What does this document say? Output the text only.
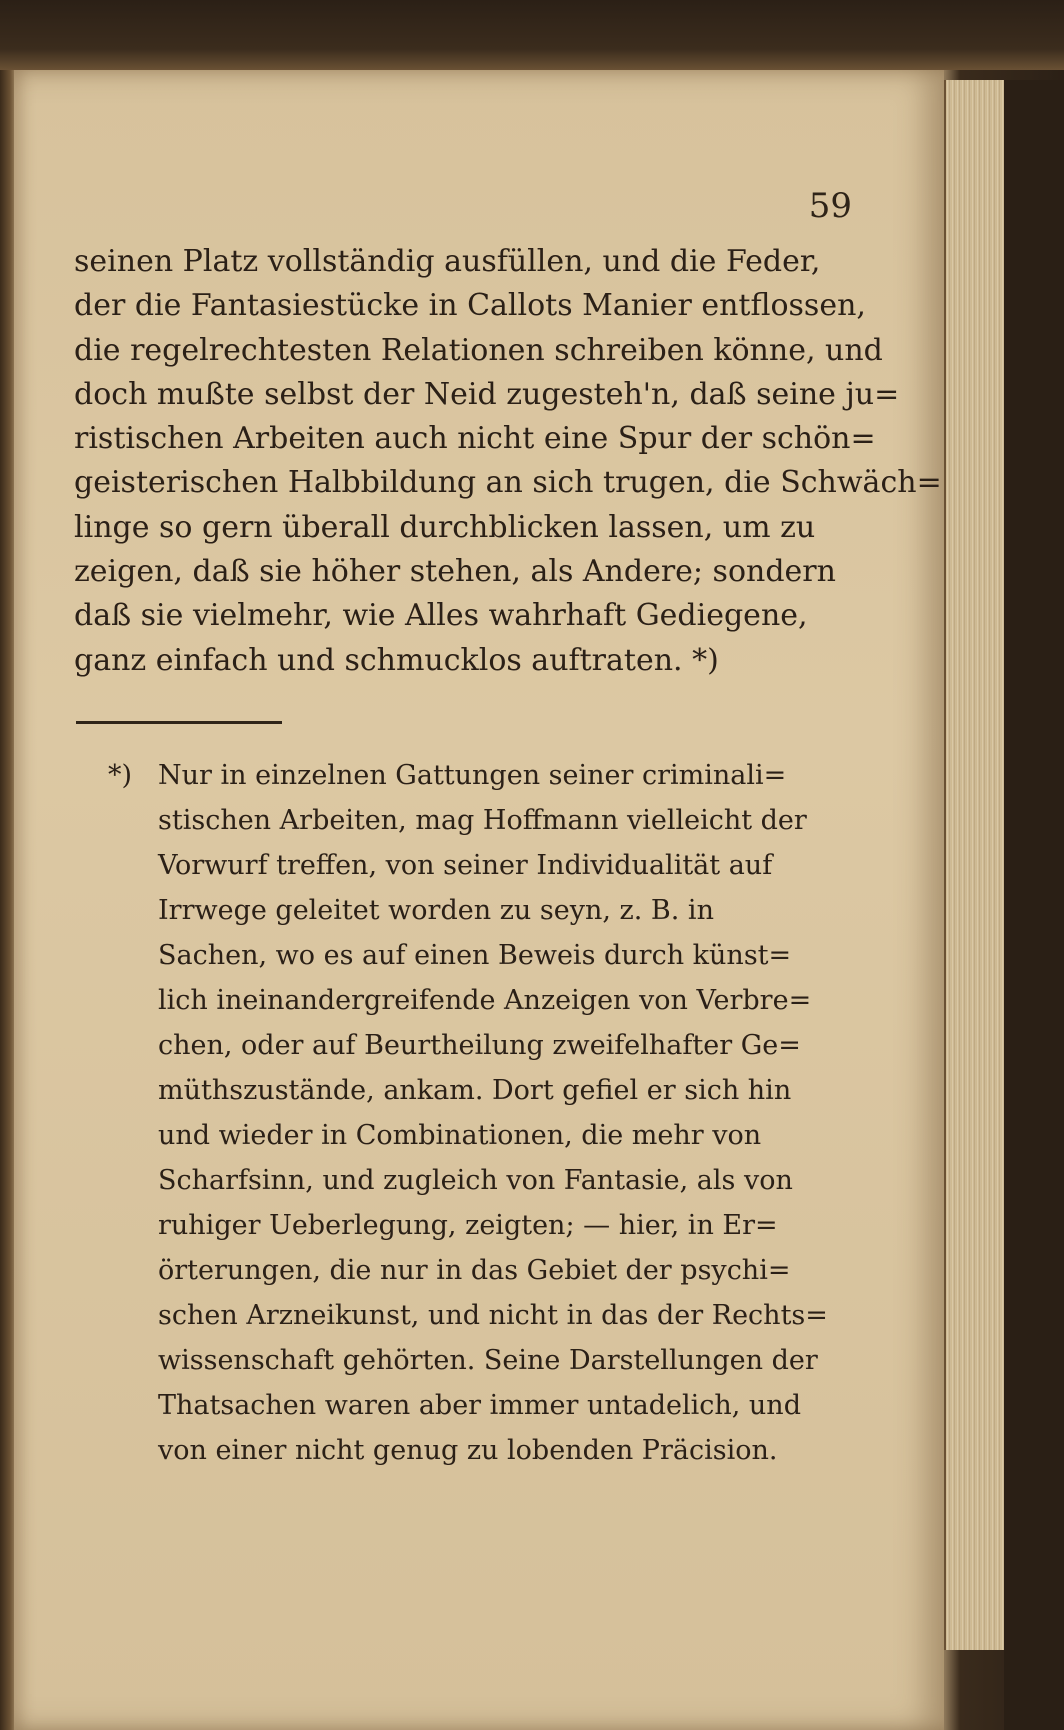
59
seinen Platz vollständig ausfüllen, und die Feder,
der die Fantasiestücke in Callots Manier entflossen,
die regelrechtesten Relationen schreiben könne, und
doch mußte selbst der Neid zugesteh'n, daß seine ju=
ristischen Arbeiten auch nicht eine Spur der schön=
geisterischen Halbbildung an sich trugen, die Schwäch=
linge so gern überall durchblicken lassen, um zu
zeigen, daß sie höher stehen, als Andere; sondern
daß sie vielmehr, wie Alles wahrhaft Gediegene,
ganz einfach und schmucklos auftraten. *)
*) Nur in einzelnen Gattungen seiner criminali=
stischen Arbeiten, mag Hoffmann vielleicht der
Vorwurf treffen, von seiner Individualität auf
Irrwege geleitet worden zu seyn, z. B. in
Sachen, wo es auf einen Beweis durch künst=
lich ineinandergreifende Anzeigen von Verbre=
chen, oder auf Beurtheilung zweifelhafter Ge=
müthszustände, ankam. Dort gefiel er sich hin
und wieder in Combinationen, die mehr von
Scharfsinn, und zugleich von Fantasie, als von
ruhiger Ueberlegung, zeigten; — hier, in Er=
örterungen, die nur in das Gebiet der psychi=
schen Arzneikunst, und nicht in das der Rechts=
wissenschaft gehörten. Seine Darstellungen der
Thatsachen waren aber immer untadelich, und
von einer nicht genug zu lobenden Präcision.
